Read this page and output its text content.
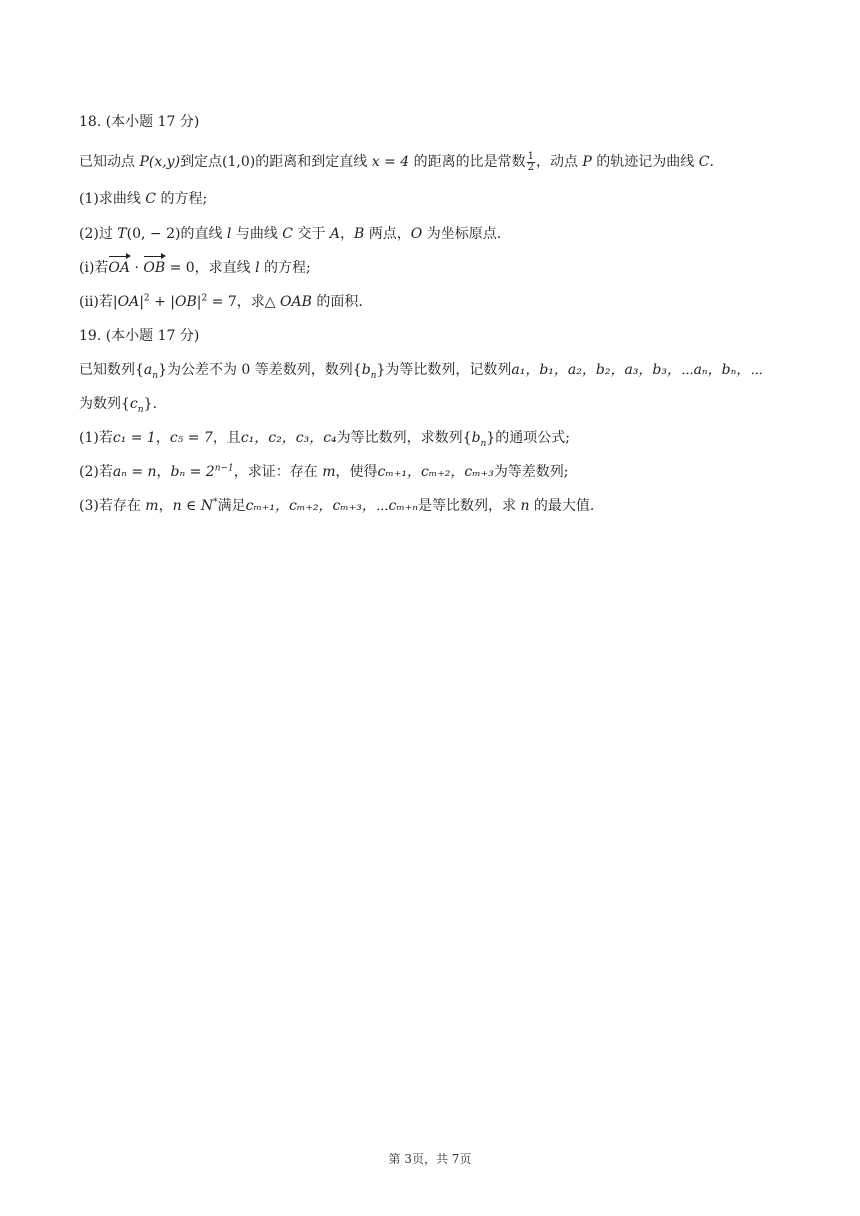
18. (本小题 17 分)
已知动点 P(x,y)到定点(1,0)的距离和到定直线 x = 4 的距离的比是常数 $\frac{1}{2}$ ，动点 P 的轨迹记为曲线 C.
(1)求曲线 C 的方程;
(2)过 T(0, − 2)的直线 l 与曲线 C 交于 A，B 两点，O 为坐标原点.
(ⅰ)若OA · OB = 0，求直线 l 的方程;
(ⅱ)若$|OA|^2 + |OB|^2 = 7$，求△ OAB 的面积.
19. (本小题 17 分)
已知数列$\{a_n\}$为公差不为 0 等差数列，数列$\{b_n\}$为等比数列，记数列a₁，b₁，a₂，b₂，a₃，b₃，⋯aₙ，bₙ，⋯
为数列$\{c_n\}$.
(1)若c₁ = 1，c₅ = 7，且c₁，c₂，c₃，c₄为等比数列，求数列$\{b_n\}$的通项公式;
(2)若aₙ = n，$b_n = 2^{n-1}$，求证：存在 m，使得cₘ₊₁，cₘ₊₂，cₘ₊₃为等差数列;
(3)若存在 m，n ∈ N*满足cₘ₊₁，cₘ₊₂，cₘ₊₃，⋯cₘ₊ₙ是等比数列，求 n 的最大值.
第 3页，共 7页
